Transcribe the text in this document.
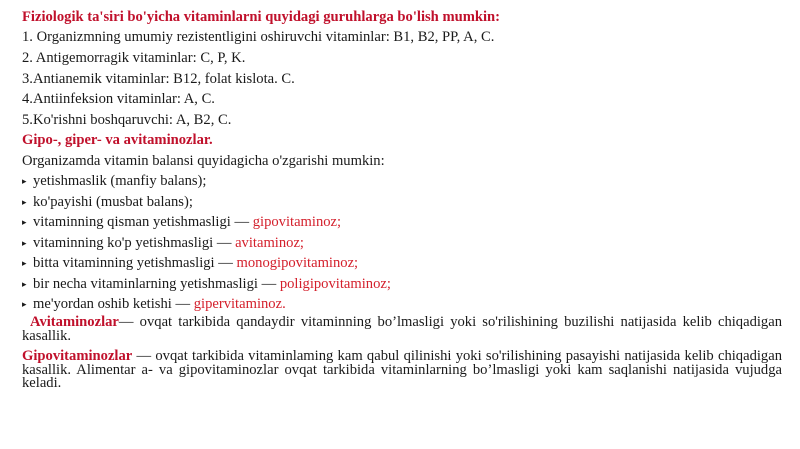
Fiziologik ta'siri bo'yicha vitaminlarni quyidagi guruhlarga bo'lish mumkin:
1. Organizmning umumiy rezistentligini oshiruvchi vitaminlar: B1, B2, PP, A, C.
2. Antigemorragik vitaminlar: C, P, K.
3.Antianemik vitaminlar: B12, folat kislota. C.
4.Antiinfeksion vitaminlar: A, C.
5.Ko'rishni boshqaruvchi: A, B2, C.
Gipo-, giper- va avitaminozlar.
Organizamda vitamin balansi quyidagicha o'zgarishi mumkin:
▸ yetishmaslik (manfiy balans);
▸ ko'payishi (musbat balans);
▸ vitaminning qisman yetishmasligi — gipovitaminoz;
▸ vitaminning ko'p yetishmasligi — avitaminoz;
▸ bitta vitaminning yetishmasligi — monogipovitaminoz;
▸ bir necha vitaminlarning yetishmasligi — poligipovitaminoz;
▸ me'yordan oshib ketishi — gipervitaminoz.
Avitaminozlar— ovqat tarkibida qandaydir vitaminning bo’lmasligi yoki so'rilishining buzilishi natijasida kelib chiqadigan kasallik.
Gipovitaminozlar — ovqat tarkibida vitaminlaming kam qabul qilinishi yoki so'rilishining pasayishi natijasida kelib chiqadigan kasallik. Alimentar a- va gipovitaminozlar ovqat tarkibida vitaminlarning bo’lmasligi yoki kam saqlanishi natijasida vujudga keladi.
